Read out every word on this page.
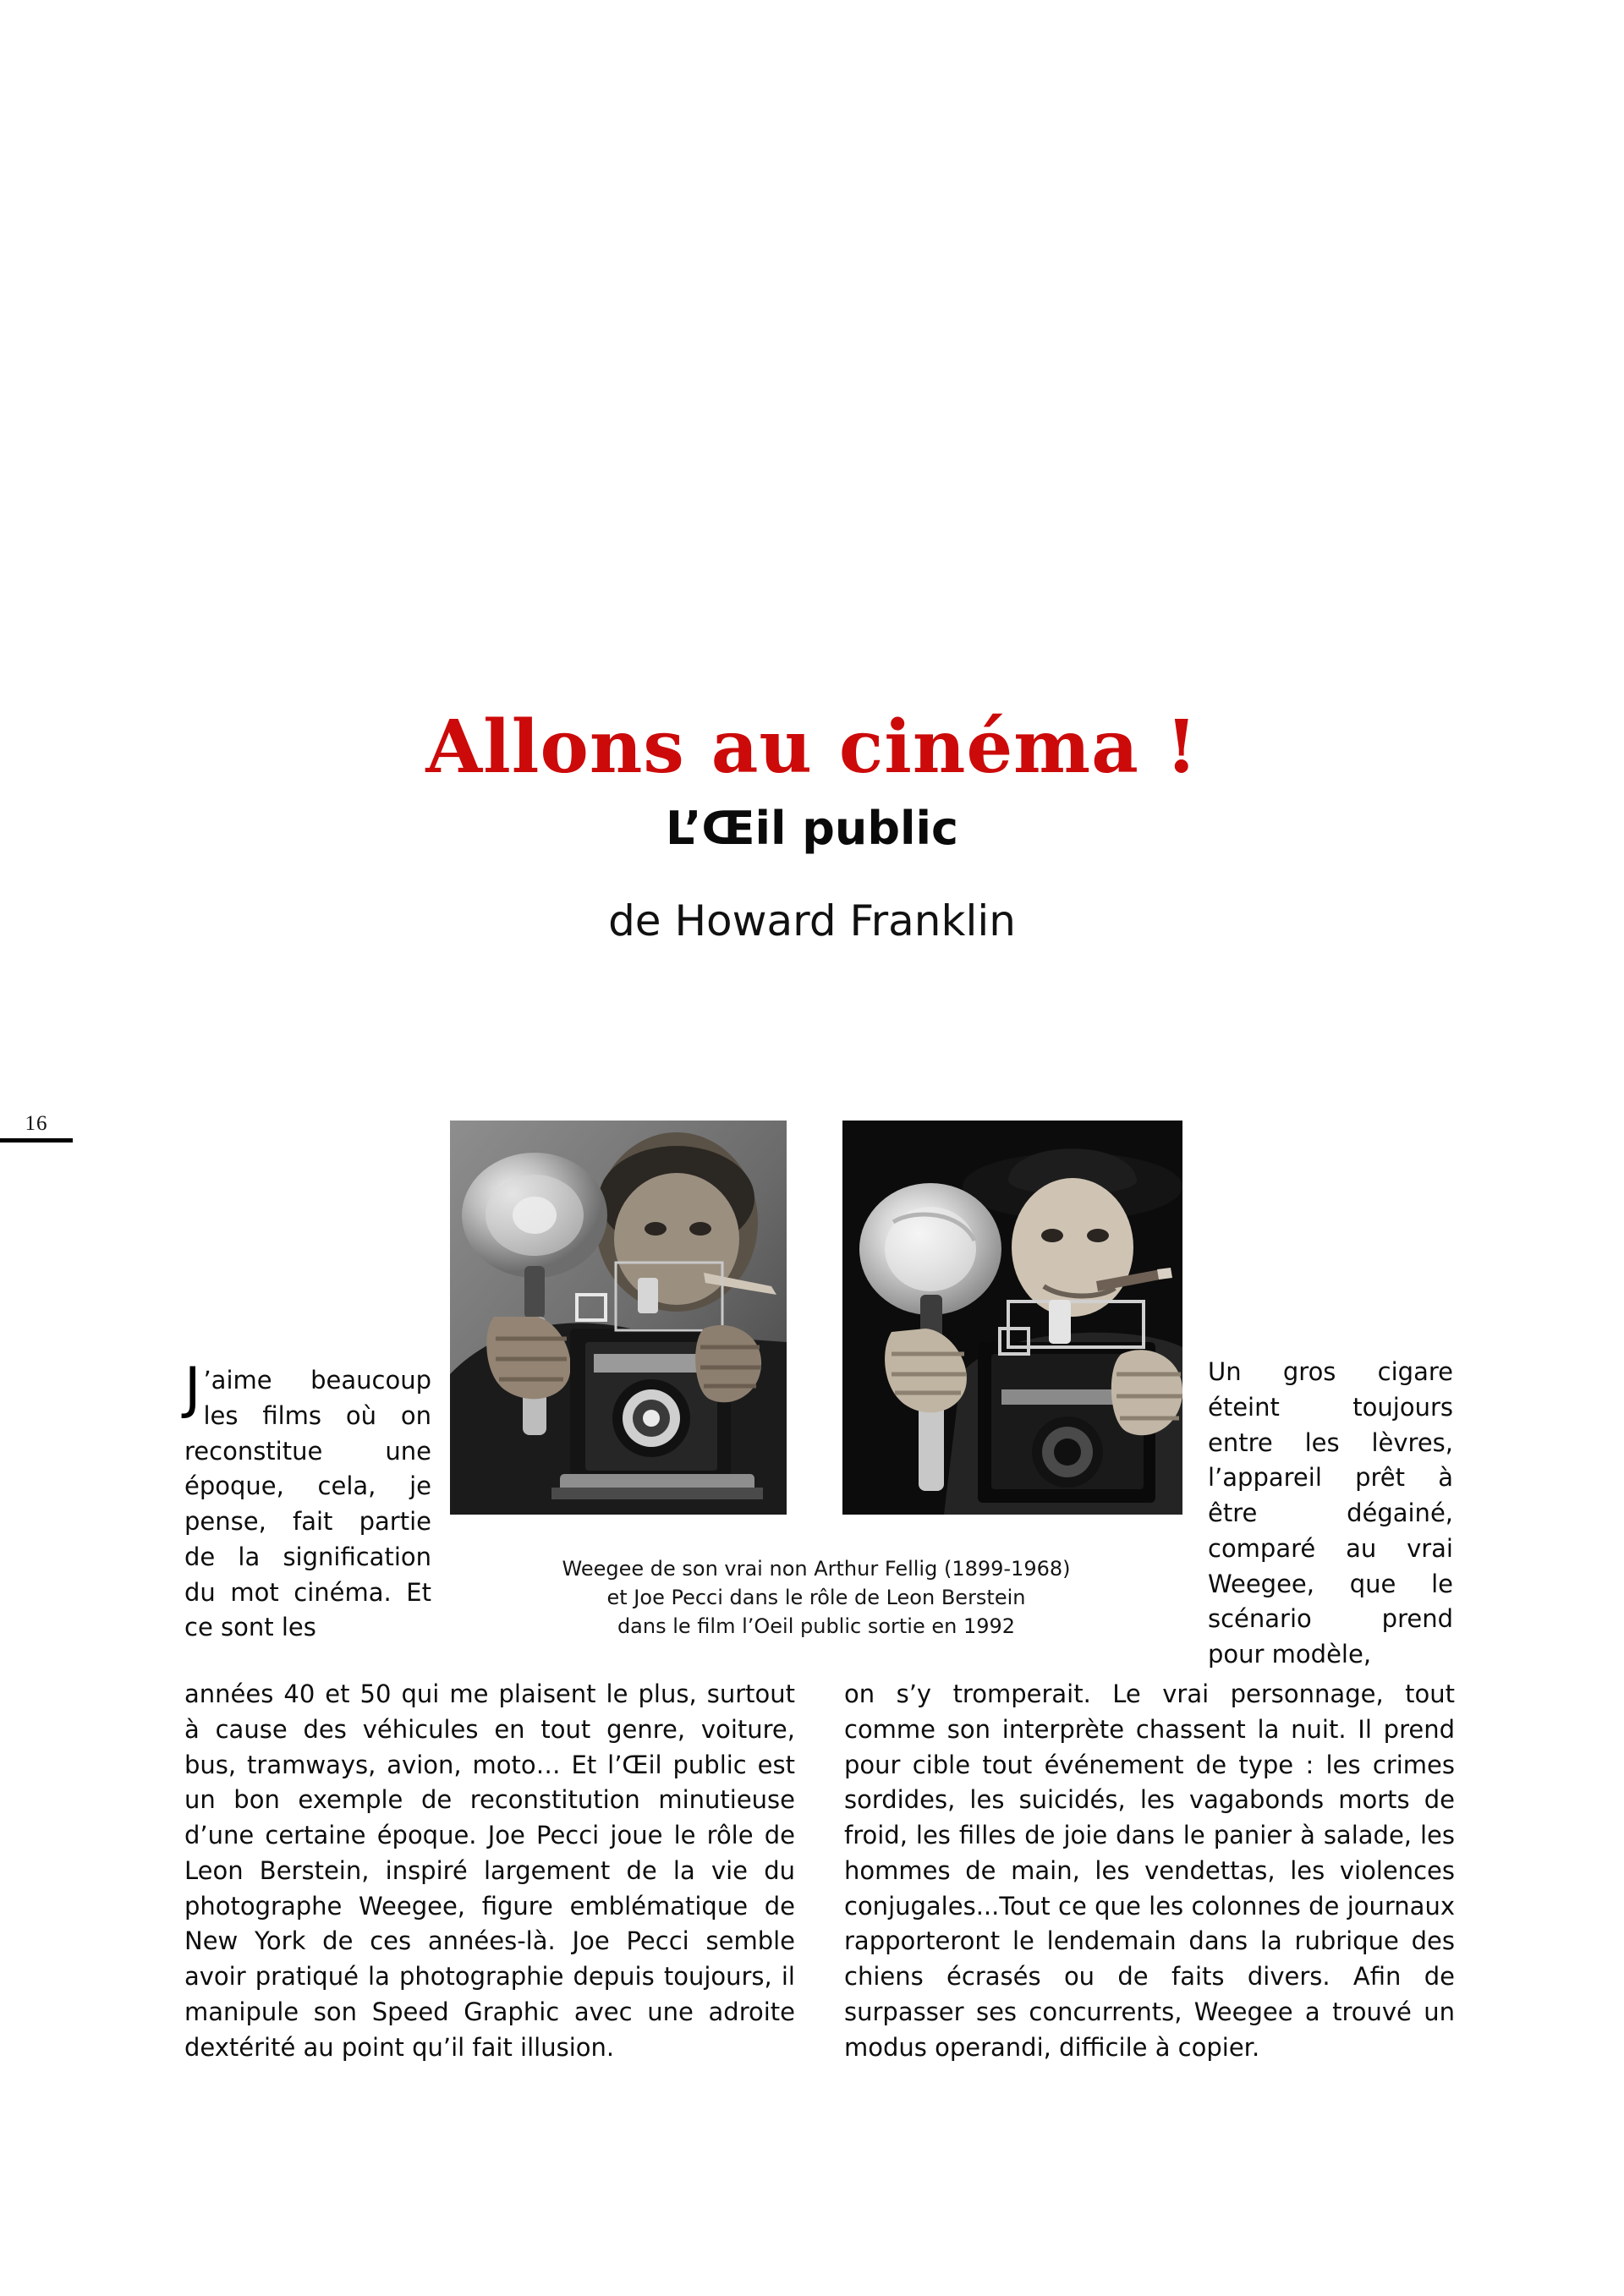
16
Allons au cinéma !
L’Œil public
de Howard Franklin
Weegee de son vrai non Arthur Fellig (1899-1968)
et Joe Pecci dans le rôle de Leon Berstein
dans le film l’Oeil public sortie en 1992
J ’aime beaucoup les films où on reconstitue une époque, cela, je pense, fait partie de la signification du mot cinéma. Et ce sont les

Un gros cigare éteint toujours entre les lèvres, l’appareil prêt à être dégainé, comparé au vrai Weegee, que le scénario prend pour modèle,

années 40 et 50 qui me plaisent le plus, surtout à cause des véhicules en tout genre, voiture, bus, tramways, avion, moto… Et l’Œil public est un bon exemple de reconstitution minutieuse d’une certaine époque. Joe Pecci joue le rôle de Leon Berstein, inspiré largement de la vie du photographe Weegee, figure emblématique de New York de ces années-là. Joe Pecci semble avoir pratiqué la photographie depuis toujours, il manipule son Speed Graphic avec une adroite dextérité au point qu’il fait illusion.

on s’y tromperait. Le vrai personnage, tout comme son interprète chassent la nuit. Il prend pour cible tout événement de type : les crimes sordides, les suicidés, les vagabonds morts de froid, les filles de joie dans le panier à salade, les hommes de main, les vendettas, les violences conjugales...Tout ce que les colonnes de journaux rapporteront le lendemain dans la rubrique des chiens écrasés ou de faits divers. Afin de surpasser ses concurrents, Weegee a trouvé un modus operandi, difficile à copier.
